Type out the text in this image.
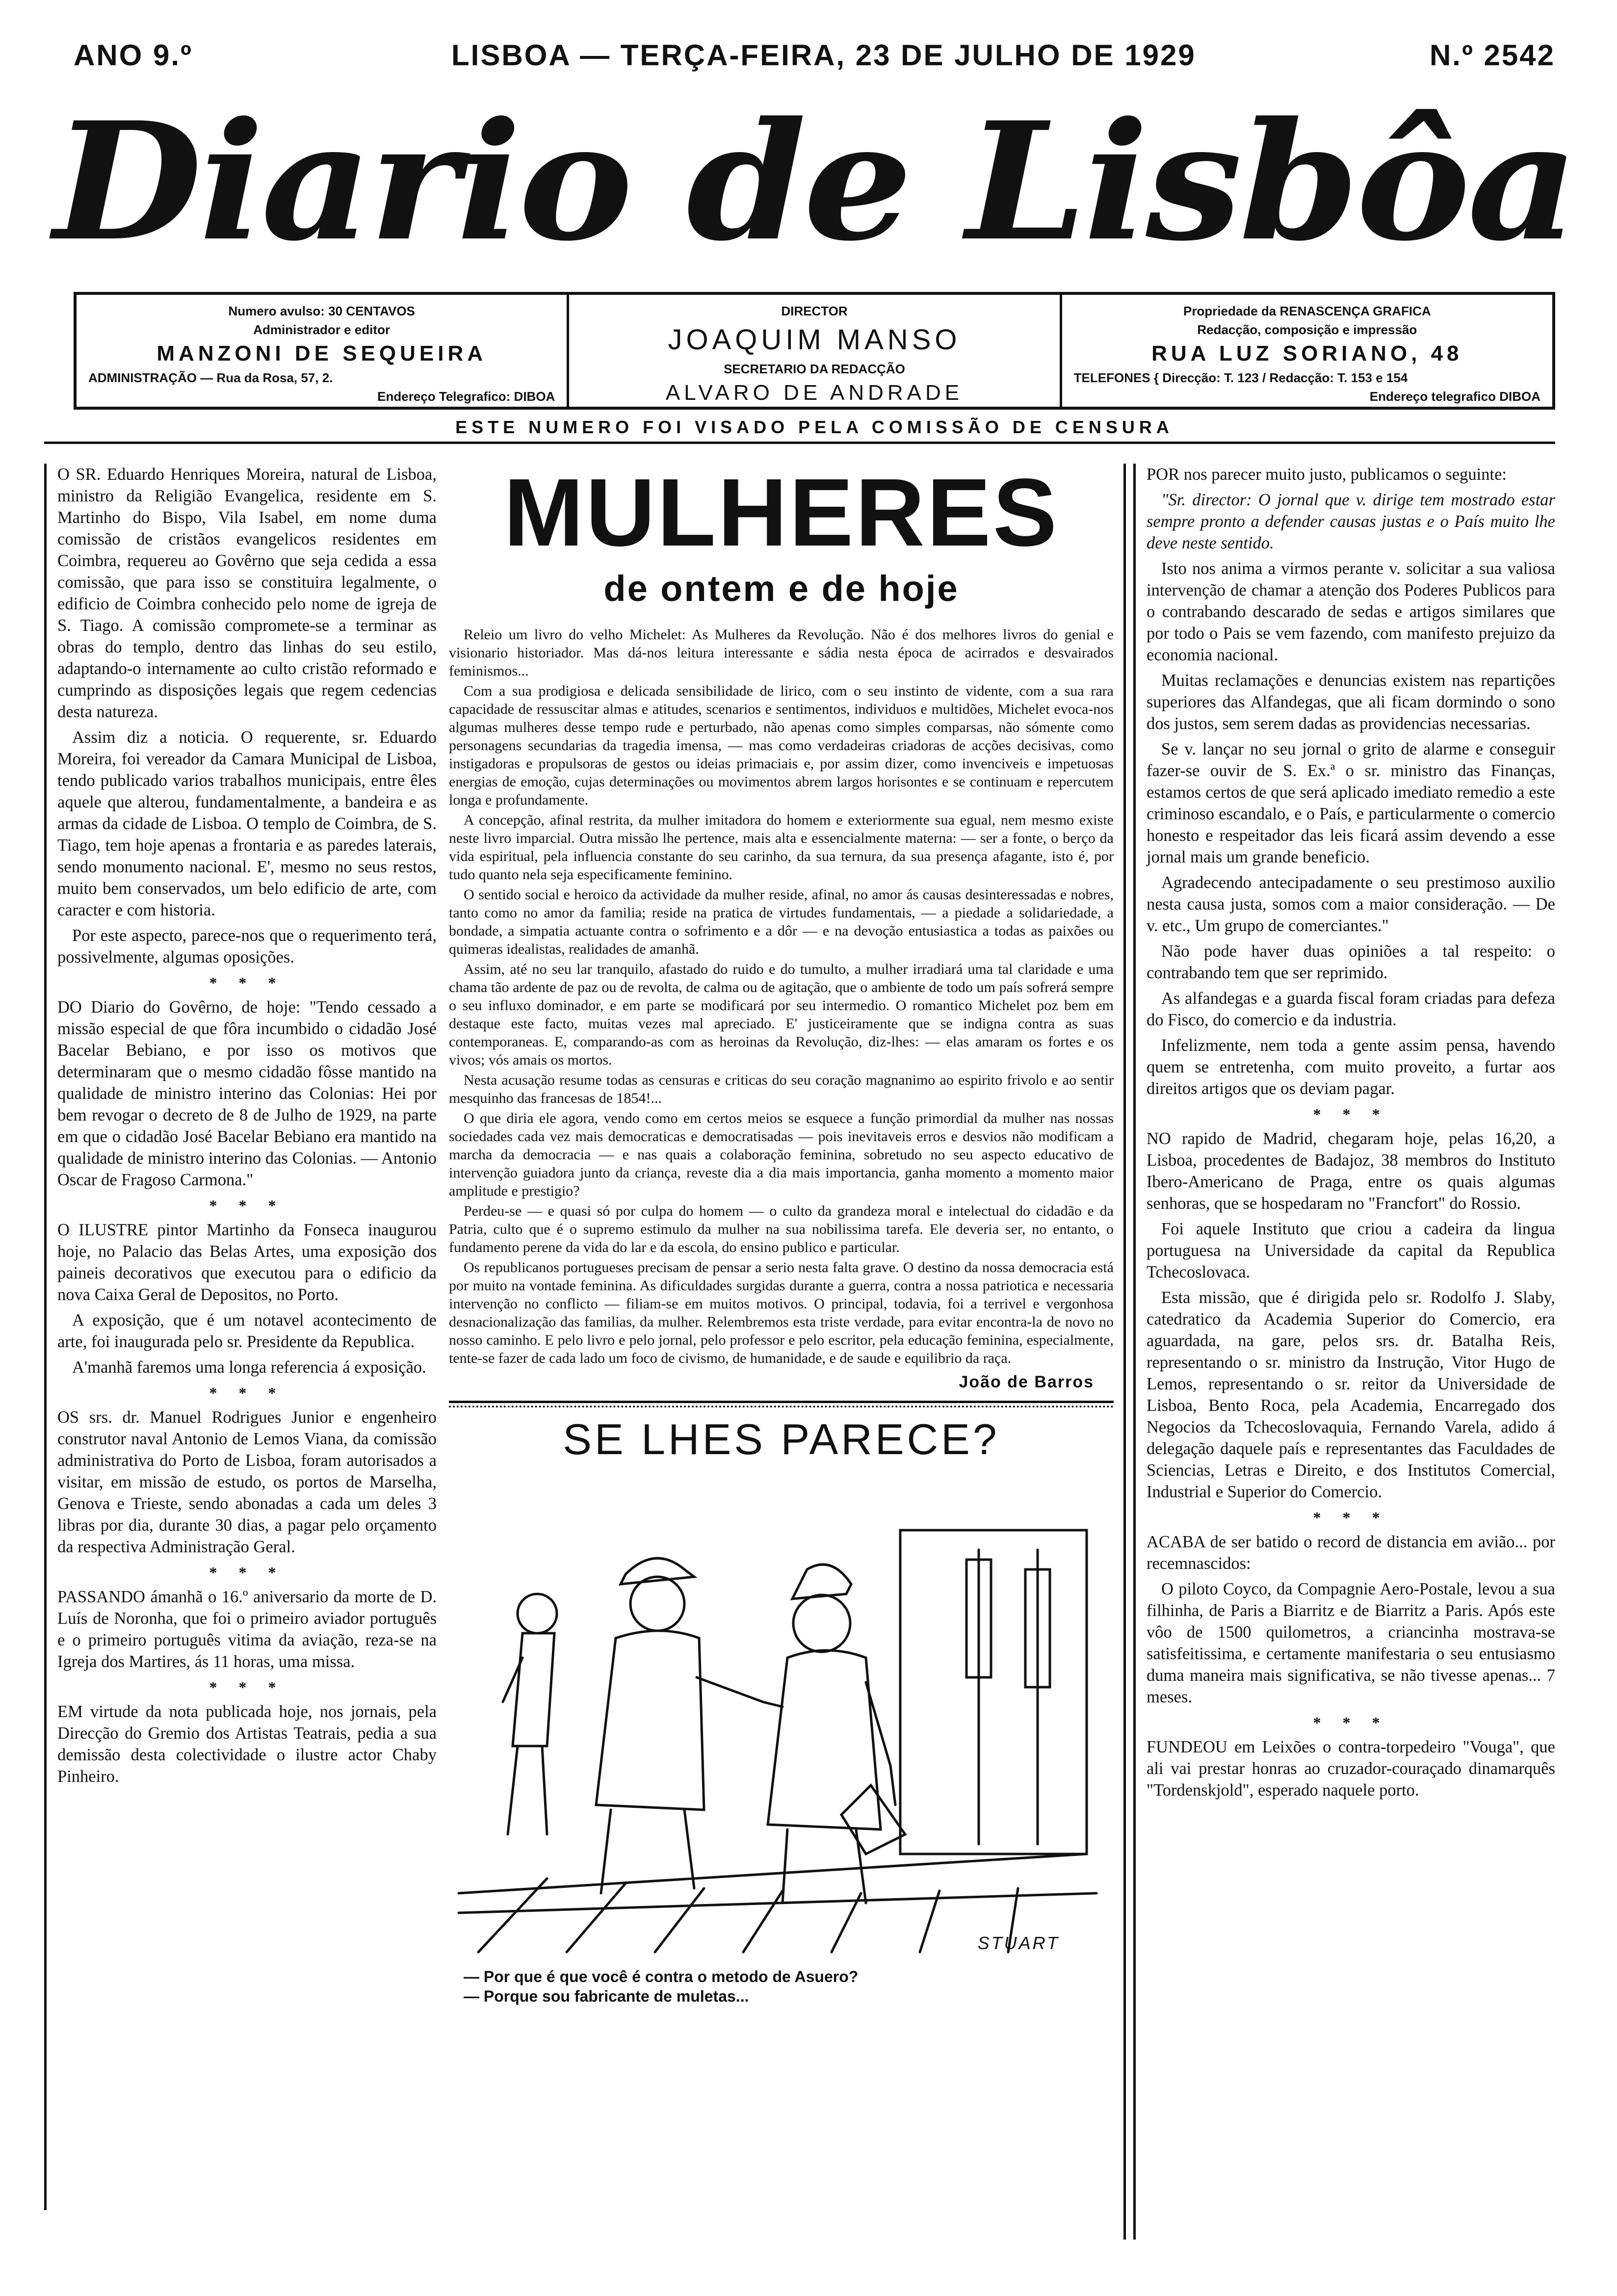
ANO 9.º	LISBOA — TERÇA-FEIRA, 23 DE JULHO DE 1929	N.º 2542
Diario de Lisbôa
Numero avulso: 30 CENTAVOS
Administrador e editor
MANZONI DE SEQUEIRA
ADMINISTRAÇÃO — Rua da Rosa, 57, 2.
Endereço Telegrafico: DIBOA
DIRECTOR
JOAQUIM MANSO
SECRETARIO DA REDACÇÃO
ALVARO DE ANDRADE
Propriedade da RENASCENÇA GRAFICA
Redacção, composição e impressão
RUA LUZ SORIANO, 48
TELEFONES { Direcção: T. 123 / Redacção: T. 153 e 154
Endereço telegrafico DIBOA
ESTE NUMERO FOI VISADO PELA COMISSÃO DE CENSURA

O SR. Eduardo Henriques Moreira, natural de Lisboa, ministro da Religião Evangelica, residente em S. Martinho do Bispo, Vila Isabel, em nome duma comissão de cristãos evangelicos residentes em Coimbra, requereu ao Govêrno que seja cedida a essa comissão, que para isso se constituira legalmente, o edificio de Coimbra conhecido pelo nome de igreja de S. Tiago. A comissão compromete-se a terminar as obras do templo, dentro das linhas do seu estilo, adaptando-o internamente ao culto cristão reformado e cumprindo as disposições legais que regem cedencias desta natureza.

Assim diz a noticia. O requerente, sr. Eduardo Moreira, foi vereador da Camara Municipal de Lisboa, tendo publicado varios trabalhos municipais, entre êles aquele que alterou, fundamentalmente, a bandeira e as armas da cidade de Lisboa. O templo de Coimbra, de S. Tiago, tem hoje apenas a frontaria e as paredes laterais, sendo monumento nacional. E', mesmo no seus restos, muito bem conservados, um belo edificio de arte, com caracter e com historia.

Por este aspecto, parece-nos que o requerimento terá, possivelmente, algumas oposições.

* * *

DO Diario do Govêrno, de hoje: "Tendo cessado a missão especial de que fôra incumbido o cidadão José Bacelar Bebiano, e por isso os motivos que determinaram que o mesmo cidadão fôsse mantido na qualidade de ministro interino das Colonias: Hei por bem revogar o decreto de 8 de Julho de 1929, na parte em que o cidadão José Bacelar Bebiano era mantido na qualidade de ministro interino das Colonias. — Antonio Oscar de Fragoso Carmona."

* * *

O ILUSTRE pintor Martinho da Fonseca inaugurou hoje, no Palacio das Belas Artes, uma exposição dos paineis decorativos que executou para o edificio da nova Caixa Geral de Depositos, no Porto.

A exposição, que é um notavel acontecimento de arte, foi inaugurada pelo sr. Presidente da Republica.

A'manhã faremos uma longa referencia á exposição.

* * *

OS srs. dr. Manuel Rodrigues Junior e engenheiro construtor naval Antonio de Lemos Viana, da comissão administrativa do Porto de Lisboa, foram autorisados a visitar, em missão de estudo, os portos de Marselha, Genova e Trieste, sendo abonadas a cada um deles 3 libras por dia, durante 30 dias, a pagar pelo orçamento da respectiva Administração Geral.

* * *

PASSANDO ámanhã o 16.º aniversario da morte de D. Luís de Noronha, que foi o primeiro aviador português e o primeiro português vitima da aviação, reza-se na Igreja dos Martires, ás 11 horas, uma missa.

* * *

EM virtude da nota publicada hoje, nos jornais, pela Direcção do Gremio dos Artistas Teatrais, pedia a sua demissão desta colectividade o ilustre actor Chaby Pinheiro.

MULHERES
de ontem e de hoje

Releio um livro do velho Michelet: As Mulheres da Revolução. Não é dos melhores livros do genial e visionario historiador. Mas dá-nos leitura interessante e sádia nesta época de acirrados e desvairados feminismos...

Com a sua prodigiosa e delicada sensibilidade de lirico, com o seu instinto de vidente, com a sua rara capacidade de ressuscitar almas e atitudes, scenarios e sentimentos, individuos e multidões, Michelet evoca-nos algumas mulheres desse tempo rude e perturbado, não apenas como simples comparsas, não sómente como personagens secundarias da tragedia imensa, — mas como verdadeiras criadoras de acções decisivas, como instigadoras e propulsoras de gestos ou ideias primaciais e, por assim dizer, como invenciveis e impetuosas energias de emoção, cujas determinações ou movimentos abrem largos horisontes e se continuam e repercutem longa e profundamente.

A concepção, afinal restrita, da mulher imitadora do homem e exteriormente sua egual, nem mesmo existe neste livro imparcial. Outra missão lhe pertence, mais alta e essencialmente materna: — ser a fonte, o berço da vida espiritual, pela influencia constante do seu carinho, da sua ternura, da sua presença afagante, isto é, por tudo quanto nela seja especificamente feminino.

O sentido social e heroico da actividade da mulher reside, afinal, no amor ás causas desinteressadas e nobres, tanto como no amor da familia; reside na pratica de virtudes fundamentais, — a piedade a solidariedade, a bondade, a simpatia actuante contra o sofrimento e a dôr — e na devoção entusiastica a todas as paixões ou quimeras idealistas, realidades de amanhã.

Assim, até no seu lar tranquilo, afastado do ruido e do tumulto, a mulher irradiará uma tal claridade e uma chama tão ardente de paz ou de revolta, de calma ou de agitação, que o ambiente de todo um país sofrerá sempre o seu influxo dominador, e em parte se modificará por seu intermedio. O romantico Michelet poz bem em destaque este facto, muitas vezes mal apreciado. E' justiceiramente que se indigna contra as suas contemporaneas. E, comparando-as com as heroinas da Revolução, diz-lhes: — elas amaram os fortes e os vivos; vós amais os mortos.

Nesta acusação resume todas as censuras e criticas do seu coração magnanimo ao espirito frivolo e ao sentir mesquinho das francesas de 1854!...

O que diria ele agora, vendo como em certos meios se esquece a função primordial da mulher nas nossas sociedades cada vez mais democraticas e democratisadas — pois inevitaveis erros e desvios não modificam a marcha da democracia — e nas quais a colaboração feminina, sobretudo no seu aspecto educativo de intervenção guiadora junto da criança, reveste dia a dia mais importancia, ganha momento a momento maior amplitude e prestigio?

Perdeu-se — e quasi só por culpa do homem — o culto da grandeza moral e intelectual do cidadão e da Patria, culto que é o supremo estimulo da mulher na sua nobilissima tarefa. Ele deveria ser, no entanto, o fundamento perene da vida do lar e da escola, do ensino publico e particular.

Os republicanos portugueses precisam de pensar a serio nesta falta grave. O destino da nossa democracia está por muito na vontade feminina. As dificuldades surgidas durante a guerra, contra a nossa patriotica e necessaria intervenção no conflicto — filiam-se em muitos motivos. O principal, todavia, foi a terrivel e vergonhosa desnacionalização das familias, da mulher. Relembremos esta triste verdade, para evitar encontra-la de novo no nosso caminho. E pelo livro e pelo jornal, pelo professor e pelo escritor, pela educação feminina, especialmente, tente-se fazer de cada lado um foco de civismo, de humanidade, e de saude e equilibrio da raça.

João de Barros
SE LHES PARECE?
STUART
— Por que é que você é contra o metodo de Asuero?
— Porque sou fabricante de muletas...

POR nos parecer muito justo, publicamos o seguinte:

"Sr. director: O jornal que v. dirige tem mostrado estar sempre pronto a defender causas justas e o País muito lhe deve neste sentido.

Isto nos anima a virmos perante v. solicitar a sua valiosa intervenção de chamar a atenção dos Poderes Publicos para o contrabando descarado de sedas e artigos similares que por todo o Pais se vem fazendo, com manifesto prejuizo da economia nacional.

Muitas reclamações e denuncias existem nas repartições superiores das Alfandegas, que ali ficam dormindo o sono dos justos, sem serem dadas as providencias necessarias.

Se v. lançar no seu jornal o grito de alarme e conseguir fazer-se ouvir de S. Ex.ª o sr. ministro das Finanças, estamos certos de que será aplicado imediato remedio a este criminoso escandalo, e o País, e particularmente o comercio honesto e respeitador das leis ficará assim devendo a esse jornal mais um grande beneficio.

Agradecendo antecipadamente o seu prestimoso auxilio nesta causa justa, somos com a maior consideração. — De v. etc., Um grupo de comerciantes."

Não pode haver duas opiniões a tal respeito: o contrabando tem que ser reprimido.

As alfandegas e a guarda fiscal foram criadas para defeza do Fisco, do comercio e da industria.

Infelizmente, nem toda a gente assim pensa, havendo quem se entretenha, com muito proveito, a furtar aos direitos artigos que os deviam pagar.

* * *

NO rapido de Madrid, chegaram hoje, pelas 16,20, a Lisboa, procedentes de Badajoz, 38 membros do Instituto Ibero-Americano de Praga, entre os quais algumas senhoras, que se hospedaram no "Francfort" do Rossio.

Foi aquele Instituto que criou a cadeira da lingua portuguesa na Universidade da capital da Republica Tchecoslovaca.

Esta missão, que é dirigida pelo sr. Rodolfo J. Slaby, catedratico da Academia Superior do Comercio, era aguardada, na gare, pelos srs. dr. Batalha Reis, representando o sr. ministro da Instrução, Vitor Hugo de Lemos, representando o sr. reitor da Universidade de Lisboa, Bento Roca, pela Academia, Encarregado dos Negocios da Tchecoslovaquia, Fernando Varela, adido á delegação daquele país e representantes das Faculdades de Sciencias, Letras e Direito, e dos Institutos Comercial, Industrial e Superior do Comercio.

* * *

ACABA de ser batido o record de distancia em avião... por recemnascidos:

O piloto Coyco, da Compagnie Aero-Postale, levou a sua filhinha, de Paris a Biarritz e de Biarritz a Paris. Após este vôo de 1500 quilometros, a criancinha mostrava-se satisfeitissima, e certamente manifestaria o seu entusiasmo duma maneira mais significativa, se não tivesse apenas... 7 meses.

* * *

FUNDEOU em Leixões o contra-torpedeiro "Vouga", que ali vai prestar honras ao cruzador-couraçado dinamarquês "Tordenskjold", esperado naquele porto.
